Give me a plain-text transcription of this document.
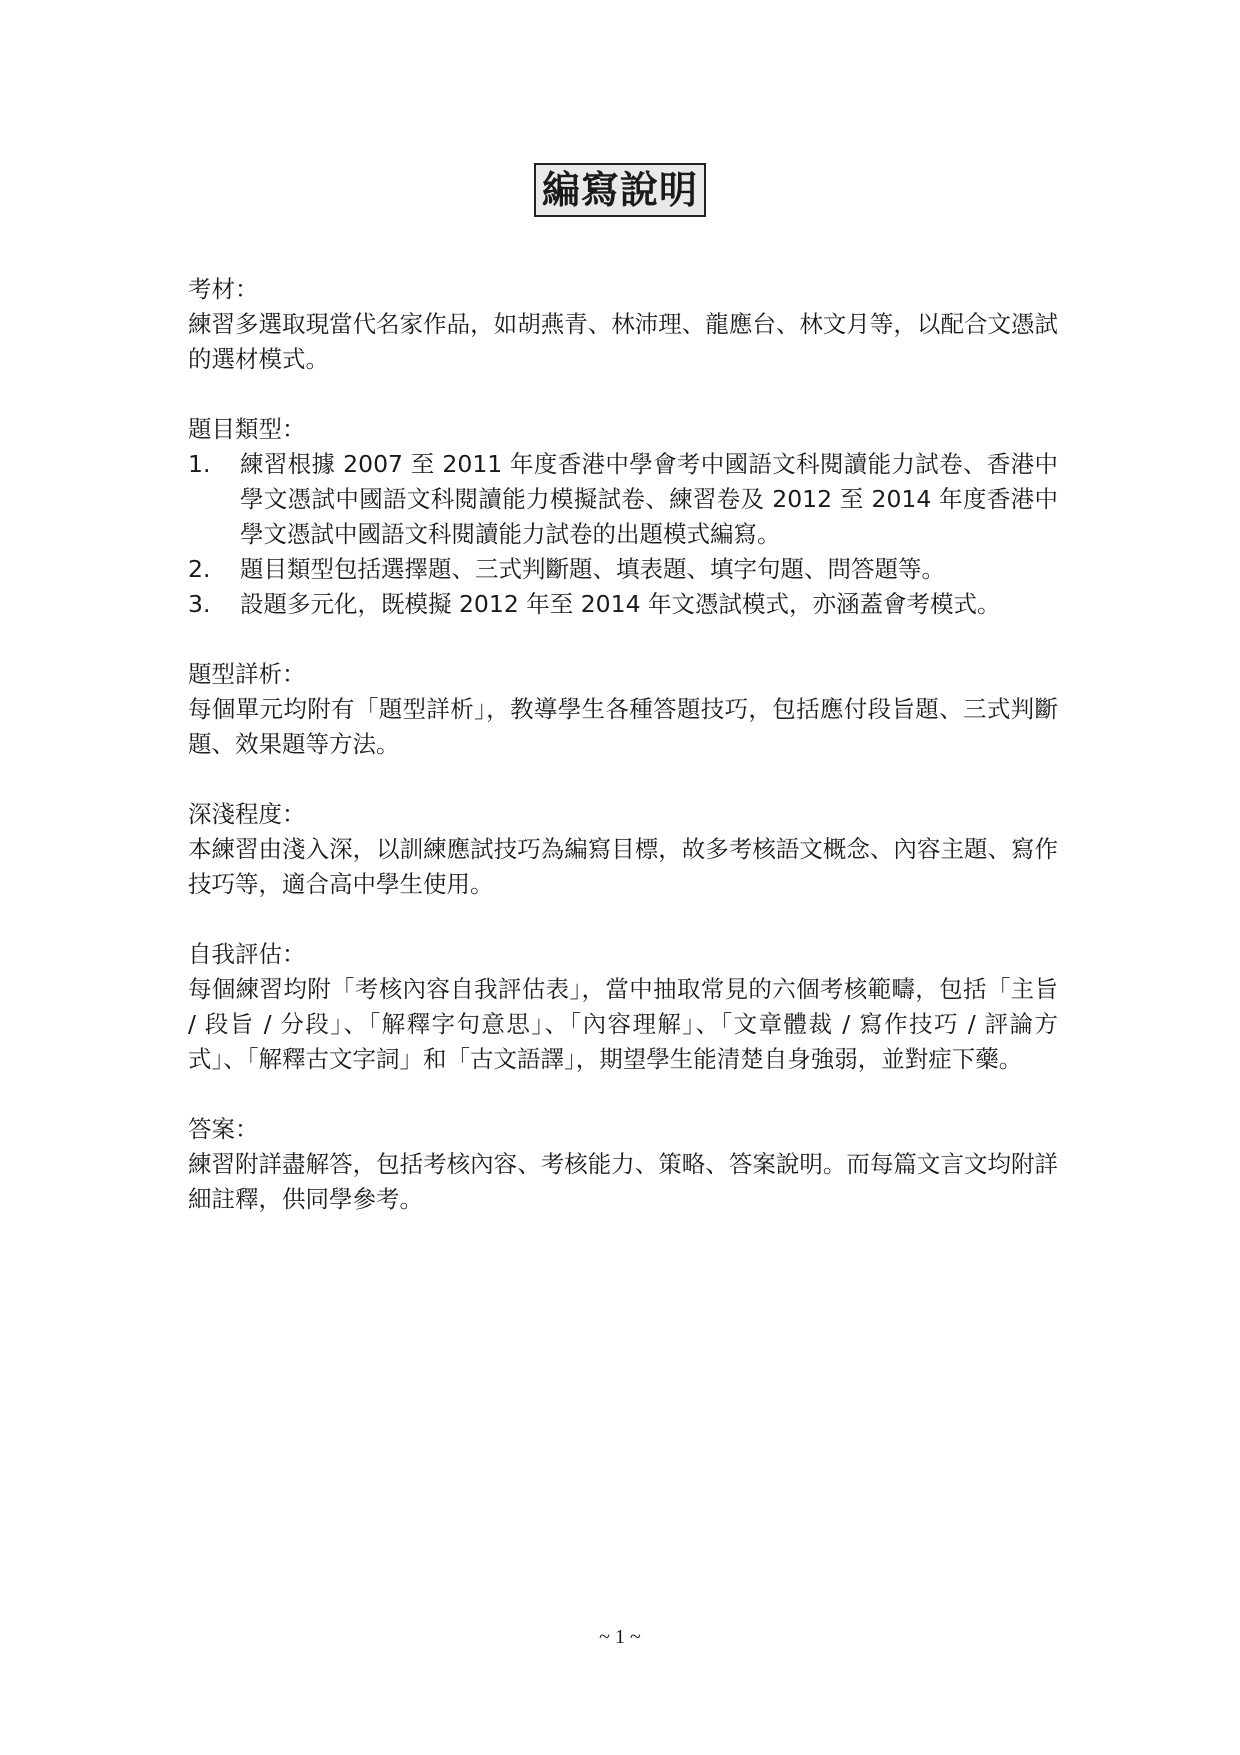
編寫說明

考材：

練習多選取現當代名家作品，如胡燕青、林沛理、龍應台、林文月等，以配合文憑試的選材模式。

題目類型：

1.	練習根據 2007 至 2011 年度香港中學會考中國語文科閱讀能力試卷、香港中學文憑試中國語文科閱讀能力模擬試卷、練習卷及 2012 至 2014 年度香港中學文憑試中國語文科閱讀能力試卷的出題模式編寫。
2.	題目類型包括選擇題、三式判斷題、填表題、填字句題、問答題等。
3.	設題多元化，既模擬 2012 年至 2014 年文憑試模式，亦涵蓋會考模式。

題型詳析：

每個單元均附有「題型詳析」，教導學生各種答題技巧，包括應付段旨題、三式判斷題、效果題等方法。

深淺程度：

本練習由淺入深，以訓練應試技巧為編寫目標，故多考核語文概念、內容主題、寫作技巧等，適合高中學生使用。

自我評估：

每個練習均附「考核內容自我評估表」，當中抽取常見的六個考核範疇，包括「主旨 / 段旨 / 分段」、「解釋字句意思」、「內容理解」、「文章體裁 / 寫作技巧 / 評論方式」、「解釋古文字詞」和「古文語譯」，期望學生能清楚自身強弱，並對症下藥。

答案：

練習附詳盡解答，包括考核內容、考核能力、策略、答案說明。而每篇文言文均附詳細註釋，供同學參考。

~ 1 ~
